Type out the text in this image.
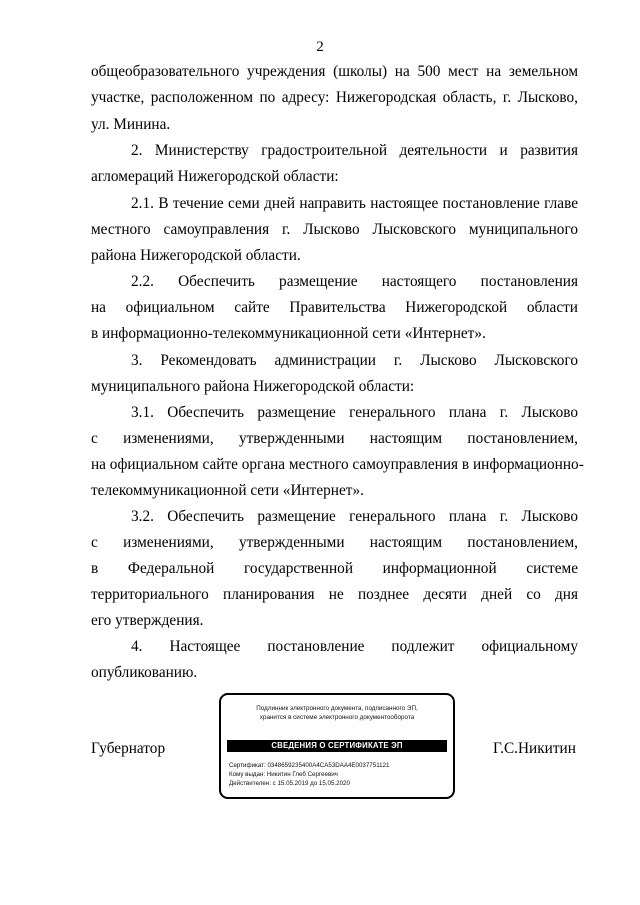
2
общеобразовательного учреждения (школы) на 500 мест на земельном
участке, расположенном по адресу: Нижегородская область, г. Лысково,
ул. Минина.
2. Министерству градостроительной деятельности и развития
агломераций Нижегородской области:
2.1. В течение семи дней направить настоящее постановление главе
местного самоуправления г. Лысково Лысковского муниципального
района Нижегородской области.
2.2. Обеспечить размещение настоящего постановления
на официальном сайте Правительства Нижегородской области
в информационно-телекоммуникационной сети «Интернет».
3. Рекомендовать администрации г. Лысково Лысковского
муниципального района Нижегородской области:
3.1. Обеспечить размещение генерального плана г. Лысково
с изменениями, утвержденными настоящим постановлением,
на официальном сайте органа местного самоуправления в информационно-
телекоммуникационной сети «Интернет».
3.2. Обеспечить размещение генерального плана г. Лысково
с изменениями, утвержденными настоящим постановлением,
в Федеральной государственной информационной системе
территориального планирования не позднее десяти дней со дня
его утверждения.
4. Настоящее постановление подлежит официальному
опубликованию.
Губернатор
Подлинник электронного документа, подписанного ЭП,
хранится в системе электронного документооборота
СВЕДЕНИЯ О СЕРТИФИКАТЕ ЭП
Сертификат: 0348659235400A4CA53DAA4E0037751121
Кому выдан: Никитин Глеб Сергеевич
Действителен: с 15.05.2019 до 15.05.2020
Г.С.Никитин
